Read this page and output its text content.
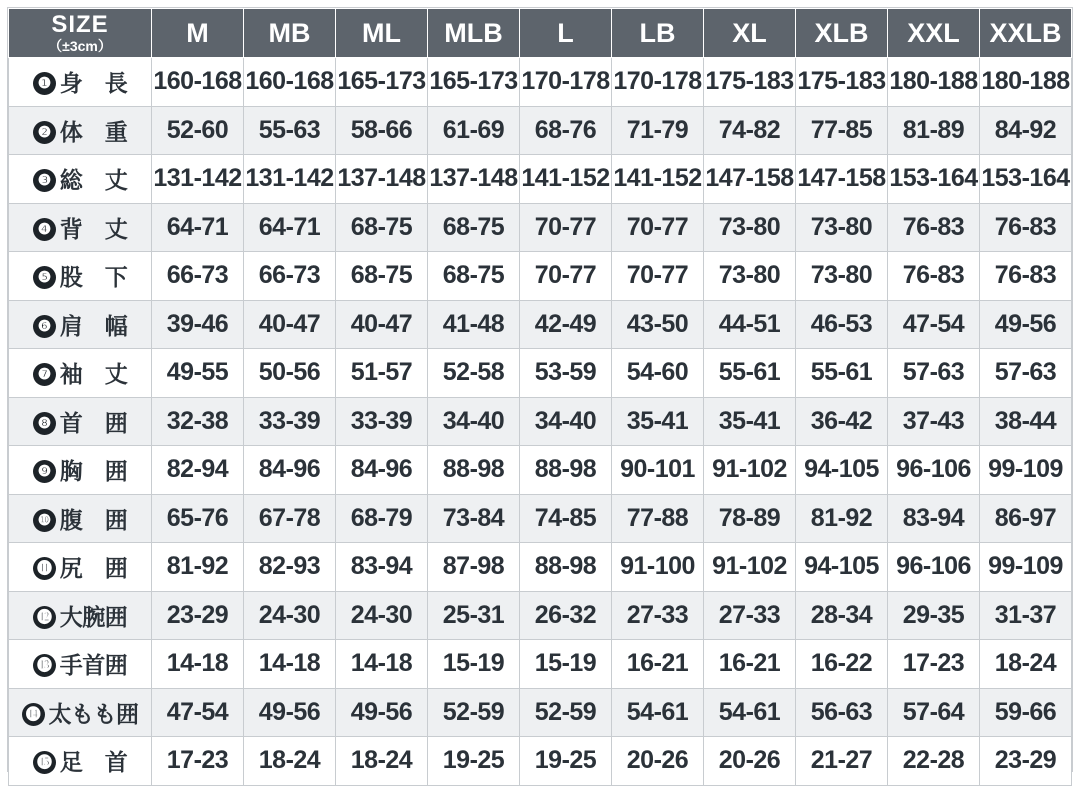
SIZE
（±3cm）	M	MB	ML	MLB	L	LB	XL	XLB	XXL	XXLB
❶ 身　長	160-168	160-168	165-173	165-173	170-178	170-178	175-183	175-183	180-188	180-188
❷ 体　重	52-60	55-63	58-66	61-69	68-76	71-79	74-82	77-85	81-89	84-92
❸ 総　丈	131-142	131-142	137-148	137-148	141-152	141-152	147-158	147-158	153-164	153-164
❹ 背　丈	64-71	64-71	68-75	68-75	70-77	70-77	73-80	73-80	76-83	76-83
❺ 股　下	66-73	66-73	68-75	68-75	70-77	70-77	73-80	73-80	76-83	76-83
❻ 肩　幅	39-46	40-47	40-47	41-48	42-49	43-50	44-51	46-53	47-54	49-56
❼ 袖　丈	49-55	50-56	51-57	52-58	53-59	54-60	55-61	55-61	57-63	57-63
❽ 首　囲	32-38	33-39	33-39	34-40	34-40	35-41	35-41	36-42	37-43	38-44
❾ 胸　囲	82-94	84-96	84-96	88-98	88-98	90-101	91-102	94-105	96-106	99-109
❿ 腹　囲	65-76	67-78	68-79	73-84	74-85	77-88	78-89	81-92	83-94	86-97
⓫ 尻　囲	81-92	82-93	83-94	87-98	88-98	91-100	91-102	94-105	96-106	99-109
⓬ 大腕囲	23-29	24-30	24-30	25-31	26-32	27-33	27-33	28-34	29-35	31-37
⓭ 手首囲	14-18	14-18	14-18	15-19	15-19	16-21	16-21	16-22	17-23	18-24
⓮ 太もも囲	47-54	49-56	49-56	52-59	52-59	54-61	54-61	56-63	57-64	59-66
⓯ 足　首	17-23	18-24	18-24	19-25	19-25	20-26	20-26	21-27	22-28	23-29
